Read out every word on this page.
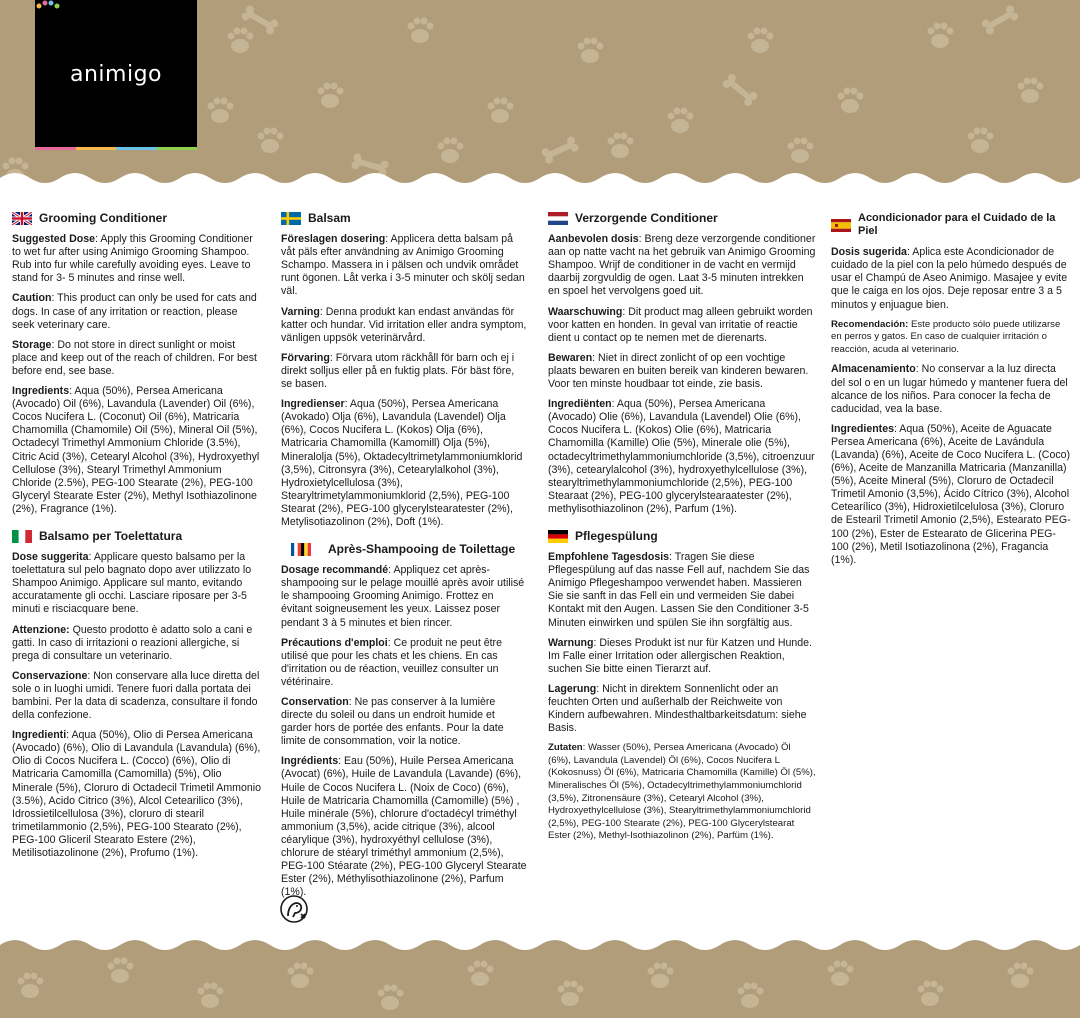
animigo
Grooming Conditioner

Suggested Dose: Apply this Grooming Conditioner to wet fur after using Animigo Grooming Shampoo. Rub into fur while carefully avoiding eyes. Leave to stand for 3- 5 minutes and rinse well.

Caution: This product can only be used for cats and dogs. In case of any irritation or reaction, please seek veterinary care.

Storage: Do not store in direct sunlight or moist place and keep out of the reach of children. For best before end, see base.

Ingredients: Aqua (50%), Persea Americana (Avocado) Oil (6%), Lavandula (Lavender) Oil (6%), Cocos Nucifera L. (Coconut) Oil (6%), Matricaria Chamomilla (Chamomile) Oil (5%), Mineral Oil (5%), Octadecyl Trimethyl Ammonium Chloride (3.5%), Citric Acid (3%), Cetearyl Alcohol (3%), Hydroxyethyl Cellulose (3%), Stearyl Trimethyl Ammonium Chloride (2.5%), PEG-100 Stearate (2%), PEG-100 Glyceryl Stearate Ester (2%), Methyl Isothiazolinone (2%), Fragrance (1%).

Balsamo per Toelettatura

Dose suggerita: Applicare questo balsamo per la toelettatura sul pelo bagnato dopo aver utilizzato lo Shampoo Animigo. Applicare sul manto, evitando accuratamente gli occhi. Lasciare riposare per 3-5 minuti e risciacquare bene.

Attenzione: Questo prodotto è adatto solo a cani e gatti. In caso di irritazioni o reazioni allergiche, si prega di consultare un veterinario.

Conservazione: Non conservare alla luce diretta del sole o in luoghi umidi. Tenere fuori dalla portata dei bambini. Per la data di scadenza, consultare il fondo della confezione.

Ingredienti: Aqua (50%), Olio di Persea Americana (Avocado) (6%), Olio di Lavandula (Lavandula) (6%), Olio di Cocos Nucifera L. (Cocco) (6%), Olio di Matricaria Camomilla (Camomilla) (5%), Olio Minerale (5%), Cloruro di Octadecil Trimetil Ammonio (3.5%), Acido Citrico (3%), Alcol Cetearilico (3%), Idrossietilcellulosa (3%), cloruro di stearil trimetilammonio (2,5%), PEG-100 Stearato (2%), PEG-100 Gliceril Stearato Estere (2%), Metilisotiazolinone (2%), Profumo (1%).

Balsam

Föreslagen dosering: Applicera detta balsam på våt päls efter användning av Animigo Grooming Schampo. Massera in i pälsen och undvik området runt ögonen. Låt verka i 3-5 minuter och skölj sedan väl.

Varning: Denna produkt kan endast användas för katter och hundar. Vid irritation eller andra symptom, vänligen uppsök veterinärvård.

Förvaring: Förvara utom räckhåll för barn och ej i direkt solljus eller på en fuktig plats. För bäst före, se basen.

Ingredienser: Aqua (50%), Persea Americana (Avokado) Olja (6%), Lavandula (Lavendel) Olja (6%), Cocos Nucifera L. (Kokos) Olja (6%), Matricaria Chamomilla (Kamomill) Olja (5%), Mineralolja (5%), Oktadecyltrimetylammoniumklorid (3,5%), Citronsyra (3%), Cetearylalkohol (3%), Hydroxietylcellulosa (3%), Stearyltrimetylammoniumklorid (2,5%), PEG-100 Stearat (2%), PEG-100 glycerylstearatester (2%), Metylisotiazolinon (2%), Doft (1%).

Après-Shampooing de Toilettage

Dosage recommandé: Appliquez cet après-shampooing sur le pelage mouillé après avoir utilisé le shampooing Grooming Animigo. Frottez en évitant soigneusement les yeux. Laissez poser pendant 3 à 5 minutes et bien rincer.

Précautions d'emploi: Ce produit ne peut être utilisé que pour les chats et les chiens. En cas d'irritation ou de réaction, veuillez consulter un vétérinaire.

Conservation: Ne pas conserver à la lumière directe du soleil ou dans un endroit humide et garder hors de portée des enfants. Pour la date limite de consommation, voir la notice.

Ingrédients: Eau (50%), Huile Persea Americana (Avocat) (6%), Huile de Lavandula (Lavande) (6%), Huile de Cocos Nucifera L. (Noix de Coco) (6%), Huile de Matricaria Chamomilla (Camomille) (5%) , Huile minérale (5%), chlorure d'octadécyl triméthyl ammonium (3,5%), acide citrique (3%), alcool céarylique (3%), hydroxyéthyl cellulose (3%), chlorure de stéaryl triméthyl ammonium (2,5%), PEG-100 Stéarate (2%), PEG-100 Glyceryl Stearate Ester (2%), Méthylisothiazolinone (2%), Parfum (1%).

Verzorgende Conditioner

Aanbevolen dosis: Breng deze verzorgende conditioner aan op natte vacht na het gebruik van Animigo Grooming Shampoo. Wrijf de conditioner in de vacht en vermijd daarbij zorgvuldig de ogen. Laat 3-5 minuten intrekken en spoel het vervolgens goed uit.

Waarschuwing: Dit product mag alleen gebruikt worden voor katten en honden. In geval van irritatie of reactie dient u contact op te nemen met de dierenarts.

Bewaren: Niet in direct zonlicht of op een vochtige plaats bewaren en buiten bereik van kinderen bewaren. Voor ten minste houdbaar tot einde, zie basis.

Ingrediënten: Aqua (50%), Persea Americana (Avocado) Olie (6%), Lavandula (Lavendel) Olie (6%), Cocos Nucifera L. (Kokos) Olie (6%), Matricaria Chamomilla (Kamille) Olie (5%), Minerale olie (5%), octadecyltrimethylammoniumchloride (3,5%), citroenzuur (3%), cetearylalcohol (3%), hydroxyethylcellulose (3%), stearyltrimethylammoniumchloride (2,5%), PEG-100 Stearaat (2%), PEG-100 glycerylstearaatester (2%), methylisothiazolinon (2%), Parfum (1%).

Pflegespülung

Empfohlene Tagesdosis: Tragen Sie diese Pflegespülung auf das nasse Fell auf, nachdem Sie das Animigo Pflegeshampoo verwendet haben. Massieren Sie sie sanft in das Fell ein und vermeiden Sie dabei Kontakt mit den Augen. Lassen Sie den Conditioner 3-5 Minuten einwirken und spülen Sie ihn sorgfältig aus.

Warnung: Dieses Produkt ist nur für Katzen und Hunde. Im Falle einer Irritation oder allergischen Reaktion, suchen Sie bitte einen Tierarzt auf.

Lagerung: Nicht in direktem Sonnenlicht oder an feuchten Orten und außerhalb der Reichweite von Kindern aufbewahren. Mindesthaltbarkeitsdatum: siehe Basis.

Zutaten: Wasser (50%), Persea Americana (Avocado) Öl (6%), Lavandula (Lavendel) Öl (6%), Cocos Nucifera L (Kokosnuss) Öl (6%), Matricaria Chamomilla (Kamille) Öl (5%), Mineralisches Öl (5%), Octadecyltrimethylammoniumchlorid (3,5%), Zitronensäure (3%), Cetearyl Alcohol (3%), Hydroxyethylcellulose (3%), Stearyltrimethylammoniumchlorid (2,5%), PEG-100 Stearate (2%), PEG-100 Glycerylstearat Ester (2%), Methyl-Isothiazolinon (2%), Parfüm (1%).

Acondicionador para el Cuidado de la Piel

Dosis sugerida: Aplica este Acondicionador de cuidado de la piel con la pelo húmedo después de usar el Champú de Aseo Animigo. Masajee y evite que le caiga en los ojos. Deje reposar entre 3 a 5 minutos y enjuague bien.

Recomendación: Este producto sólo puede utilizarse en perros y gatos. En caso de cualquier irritación o reacción, acuda al veterinario.

Almacenamiento: No conservar a la luz directa del sol o en un lugar húmedo y mantener fuera del alcance de los niños. Para conocer la fecha de caducidad, vea la base.

Ingredientes: Aqua (50%), Aceite de Aguacate Persea Americana (6%), Aceite de Lavándula (Lavanda) (6%), Aceite de Coco Nucifera L. (Coco) (6%), Aceite de Manzanilla Matricaria (Manzanilla) (5%), Aceite Mineral (5%), Cloruro de Octadecil Trimetil Amonio (3,5%), Ácido Cítrico (3%), Alcohol Cetearílico (3%), Hidroxietilcelulosa (3%), Cloruro de Estearil Trimetil Amonio (2,5%), Estearato PEG-100 (2%), Ester de Estearato de Glicerina PEG-100 (2%), Metil Isotiazolinona (2%), Fragancia (1%).
